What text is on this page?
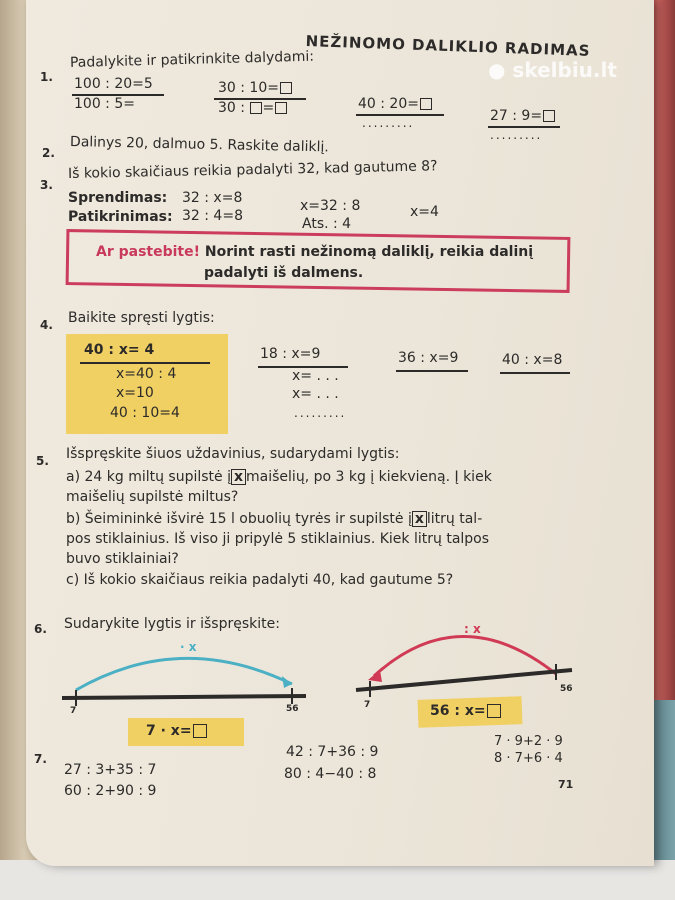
NEŽINOMO DALIKLIO RADIMAS
● skelbiu.lt
1.
Padalykite ir patikrinkite dalydami:
100 : 20=5
100 : 5=
30 : 10=
30 : =	40 : 20=
.........	27 : 9=
.........
2. Dalinys 20, dalmuo 5. Raskite daliklį.
3.
Iš kokio skaičiaus reikia padalyti 32, kad gautume 8?
Sprendimas: 32 : x=8
Patikrinimas: 32 : 4=8
x=32 : 8	x=4
Ats. : 4
Ar pastebite! Norint rasti nežinomą daliklį, reikia dalinį
padalyti iš dalmens.
4. Baikite spręsti lygtis:
40 : x= 4
x=40 : 4
x=10
40 : 10=4
18 : x=9
x= . . .
x= . . .
.........
36 : x=9	40 : x=8
5. Išspręskite šiuos uždavinius, sudarydami lygtis:
a) 24 kg miltų supilstė į x maišelių, po 3 kg į kiekvieną. Į kiek
maišelių supilstė miltus?
b) Šeimininkė išvirė 15 l obuolių tyrės ir supilstė į x litrų tal-
pos stiklainius. Iš viso ji pripylė 5 stiklainius. Kiek litrų talpos
buvo stiklainiai?
c) Iš kokio skaičiaus reikia padalyti 40, kad gautume 5?
6. Sudarykite lygtis ir išspręskite:
· x
7	56
7 · x=
: x
7
56
56 : x=
7.
27 : 3+35 : 7
60 : 2+90 : 9
42 : 7+36 : 9
80 : 4−40 : 8
7 · 9+2 · 9
8 · 7+6 · 4
71
